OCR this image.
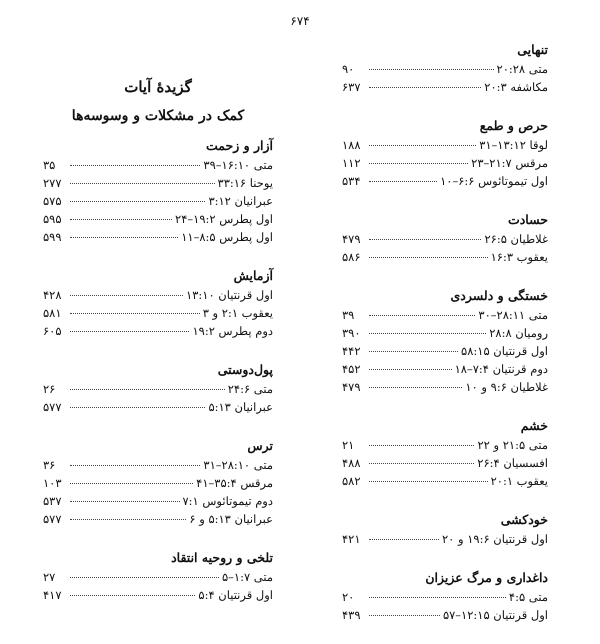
۶۷۴
تنهایی
متی ۲۰:۲۸
۹۰
مکاشفه ۲۰:۳
۶۳۷
حرص و طمع
لوقا ۱۳:۱۲–۳۱
۱۸۸
مرقس ۲۱:۷–۲۳
۱۱۲
اول تیموتائوس ۶:۶–۱۰
۵۳۴
حسادت
غلاطیان ۲۶:۵
۴۷۹
یعقوب ۱۶:۳
۵۸۶
خستگی و دلسردی
متی ۲۸:۱۱–۳۰
۳۹
رومیان ۲۸:۸
۳۹۰
اول قرنتیان ۵۸:۱۵
۴۴۲
دوم قرنتیان ۷:۴–۱۸
۴۵۲
غلاطیان ۹:۶ و ۱۰
۴۷۹
خشم
متی ۲۱:۵ و ۲۲
۲۱
افسسیان ۲۶:۴
۴۸۸
یعقوب ۲۰:۱
۵۸۲
خودکشی
اول قرنتیان ۱۹:۶ و ۲۰
۴۲۱
داغداری و مرگ عزیزان
متی ۴:۵
۲۰
اول قرنتیان ۱۲:۱۵–۵۷
۴۳۹
گزیدۀ آیات
کمک در مشکلات و وسوسه‌ها
آزار و زحمت
متی ۱۶:۱۰–۳۹
۳۵
یوحنا ۳۳:۱۶
۲۷۷
عبرانیان ۳:۱۲
۵۷۵
اول پطرس ۱۹:۲–۲۴
۵۹۵
اول پطرس ۸:۵–۱۱
۵۹۹
آزمایش
اول قرنتیان ۱۳:۱۰
۴۲۸
یعقوب ۲:۱ و ۳
۵۸۱
دوم پطرس ۱۹:۲
۶۰۵
پول‌دوستی
متی ۲۴:۶
۲۶
عبرانیان ۵:۱۳
۵۷۷
ترس
متی ۲۸:۱۰–۳۱
۳۶
مرقس ۳۵:۴–۴۱
۱۰۳
دوم تیموتائوس ۷:۱
۵۳۷
عبرانیان ۵:۱۳ و ۶
۵۷۷
تلخی و روحیه انتقاد
متی ۱:۷–۵
۲۷
اول قرنتیان ۵:۴
۴۱۷
